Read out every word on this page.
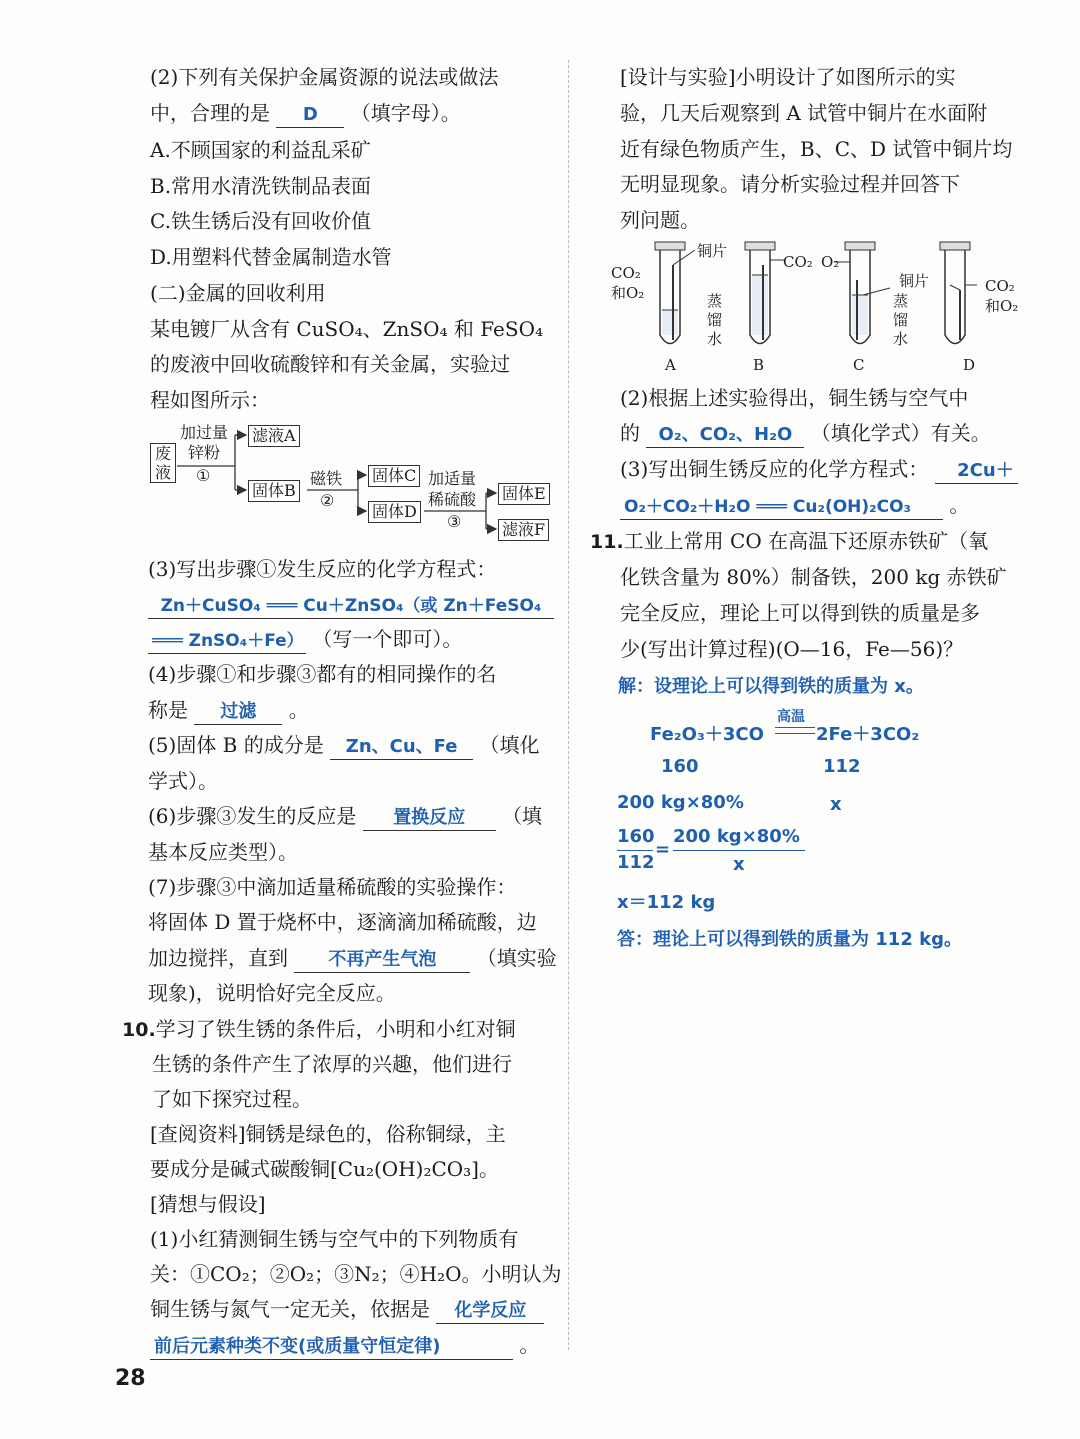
(2)下列有关保护金属资源的说法或做法
中，合理的是 D （填字母）。
A.不顾国家的利益乱采矿
B.常用水清洗铁制品表面
C.铁生锈后没有回收价值
D.用塑料代替金属制造水管
(二)金属的回收利用
某电镀厂从含有 CuSO₄、ZnSO₄ 和 FeSO₄
的废液中回收硫酸锌和有关金属，实验过
程如图所示：
废液
加过量
锌粉
①
滤液A
固体B
磁铁
②
固体C
固体D
加适量
稀硫酸
③
固体E
滤液F
(3)写出步骤①发生反应的化学方程式：
Zn＋CuSO₄ ═══ Cu＋ZnSO₄（或 Zn＋FeSO₄
═══ ZnSO₄＋Fe） （写一个即可）。
(4)步骤①和步骤③都有的相同操作的名
称是 过滤 。
(5)固体 B 的成分是 Zn、Cu、Fe （填化
学式）。
(6)步骤③发生的反应是 置换反应 （填
基本反应类型）。
(7)步骤③中滴加适量稀硫酸的实验操作：
将固体 D 置于烧杯中，逐滴滴加稀硫酸，边
加边搅拌，直到 不再产生气泡 （填实验
现象)，说明恰好完全反应。
10.学习了铁生锈的条件后，小明和小红对铜
生锈的条件产生了浓厚的兴趣，他们进行
了如下探究过程。
[查阅资料]铜锈是绿色的，俗称铜绿，主
要成分是碱式碳酸铜[Cu₂(OH)₂CO₃]。
[猜想与假设]
(1)小红猜测铜生锈与空气中的下列物质有
关：①CO₂；②O₂；③N₂；④H₂O。小明认为
铜生锈与氮气一定无关，依据是 化学反应
前后元素种类不变(或质量守恒定律)	。
[设计与实验]小明设计了如图所示的实
验，几天后观察到 A 试管中铜片在水面附
近有绿色物质产生，B、C、D 试管中铜片均
无明显现象。请分析实验过程并回答下
列问题。
CO₂
和O₂
铜片
蒸
馏
水
CO₂ O₂
铜片
蒸
馏
水
CO₂
和O₂
A	B	C	D
(2)根据上述实验得出，铜生锈与空气中
的 O₂、CO₂、H₂O （填化学式）有关。
(3)写出铜生锈反应的化学方程式： 2Cu＋
O₂＋CO₂＋H₂O ═══ Cu₂(OH)₂CO₃ 。
11.工业上常用 CO 在高温下还原赤铁矿（氧
化铁含量为 80%）制备铁，200 kg 赤铁矿
完全反应，理论上可以得到铁的质量是多
少(写出计算过程)(O—16，Fe—56)？
解：设理论上可以得到铁的质量为 x。
高温
Fe₂O₃＋3CO	2Fe＋3CO₂
160	112
200 kg×80%	x
160
112
=
200 kg×80%
x
x＝112 kg
答：理论上可以得到铁的质量为 112 kg。
28
